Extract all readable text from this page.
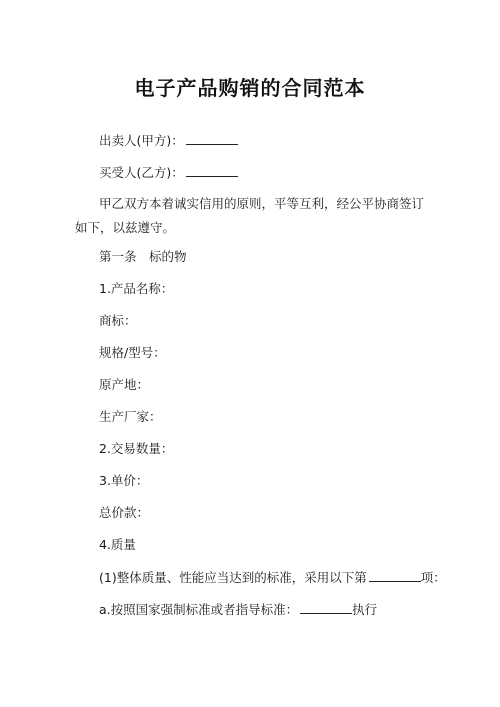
电子产品购销的合同范本
出卖人(甲方)：
买受人(乙方)：
甲乙双方本着诚实信用的原则，平等互利，经公平协商签订如下，以兹遵守。
第一条　标的物
1.产品名称：
商标：
规格/型号：
原产地：
生产厂家：
2.交易数量：
3.单价：
总价款：
4.质量
(1)整体质量、性能应当达到的标准，采用以下第	项：
a.按照国家强制标准或者指导标准：	执行
